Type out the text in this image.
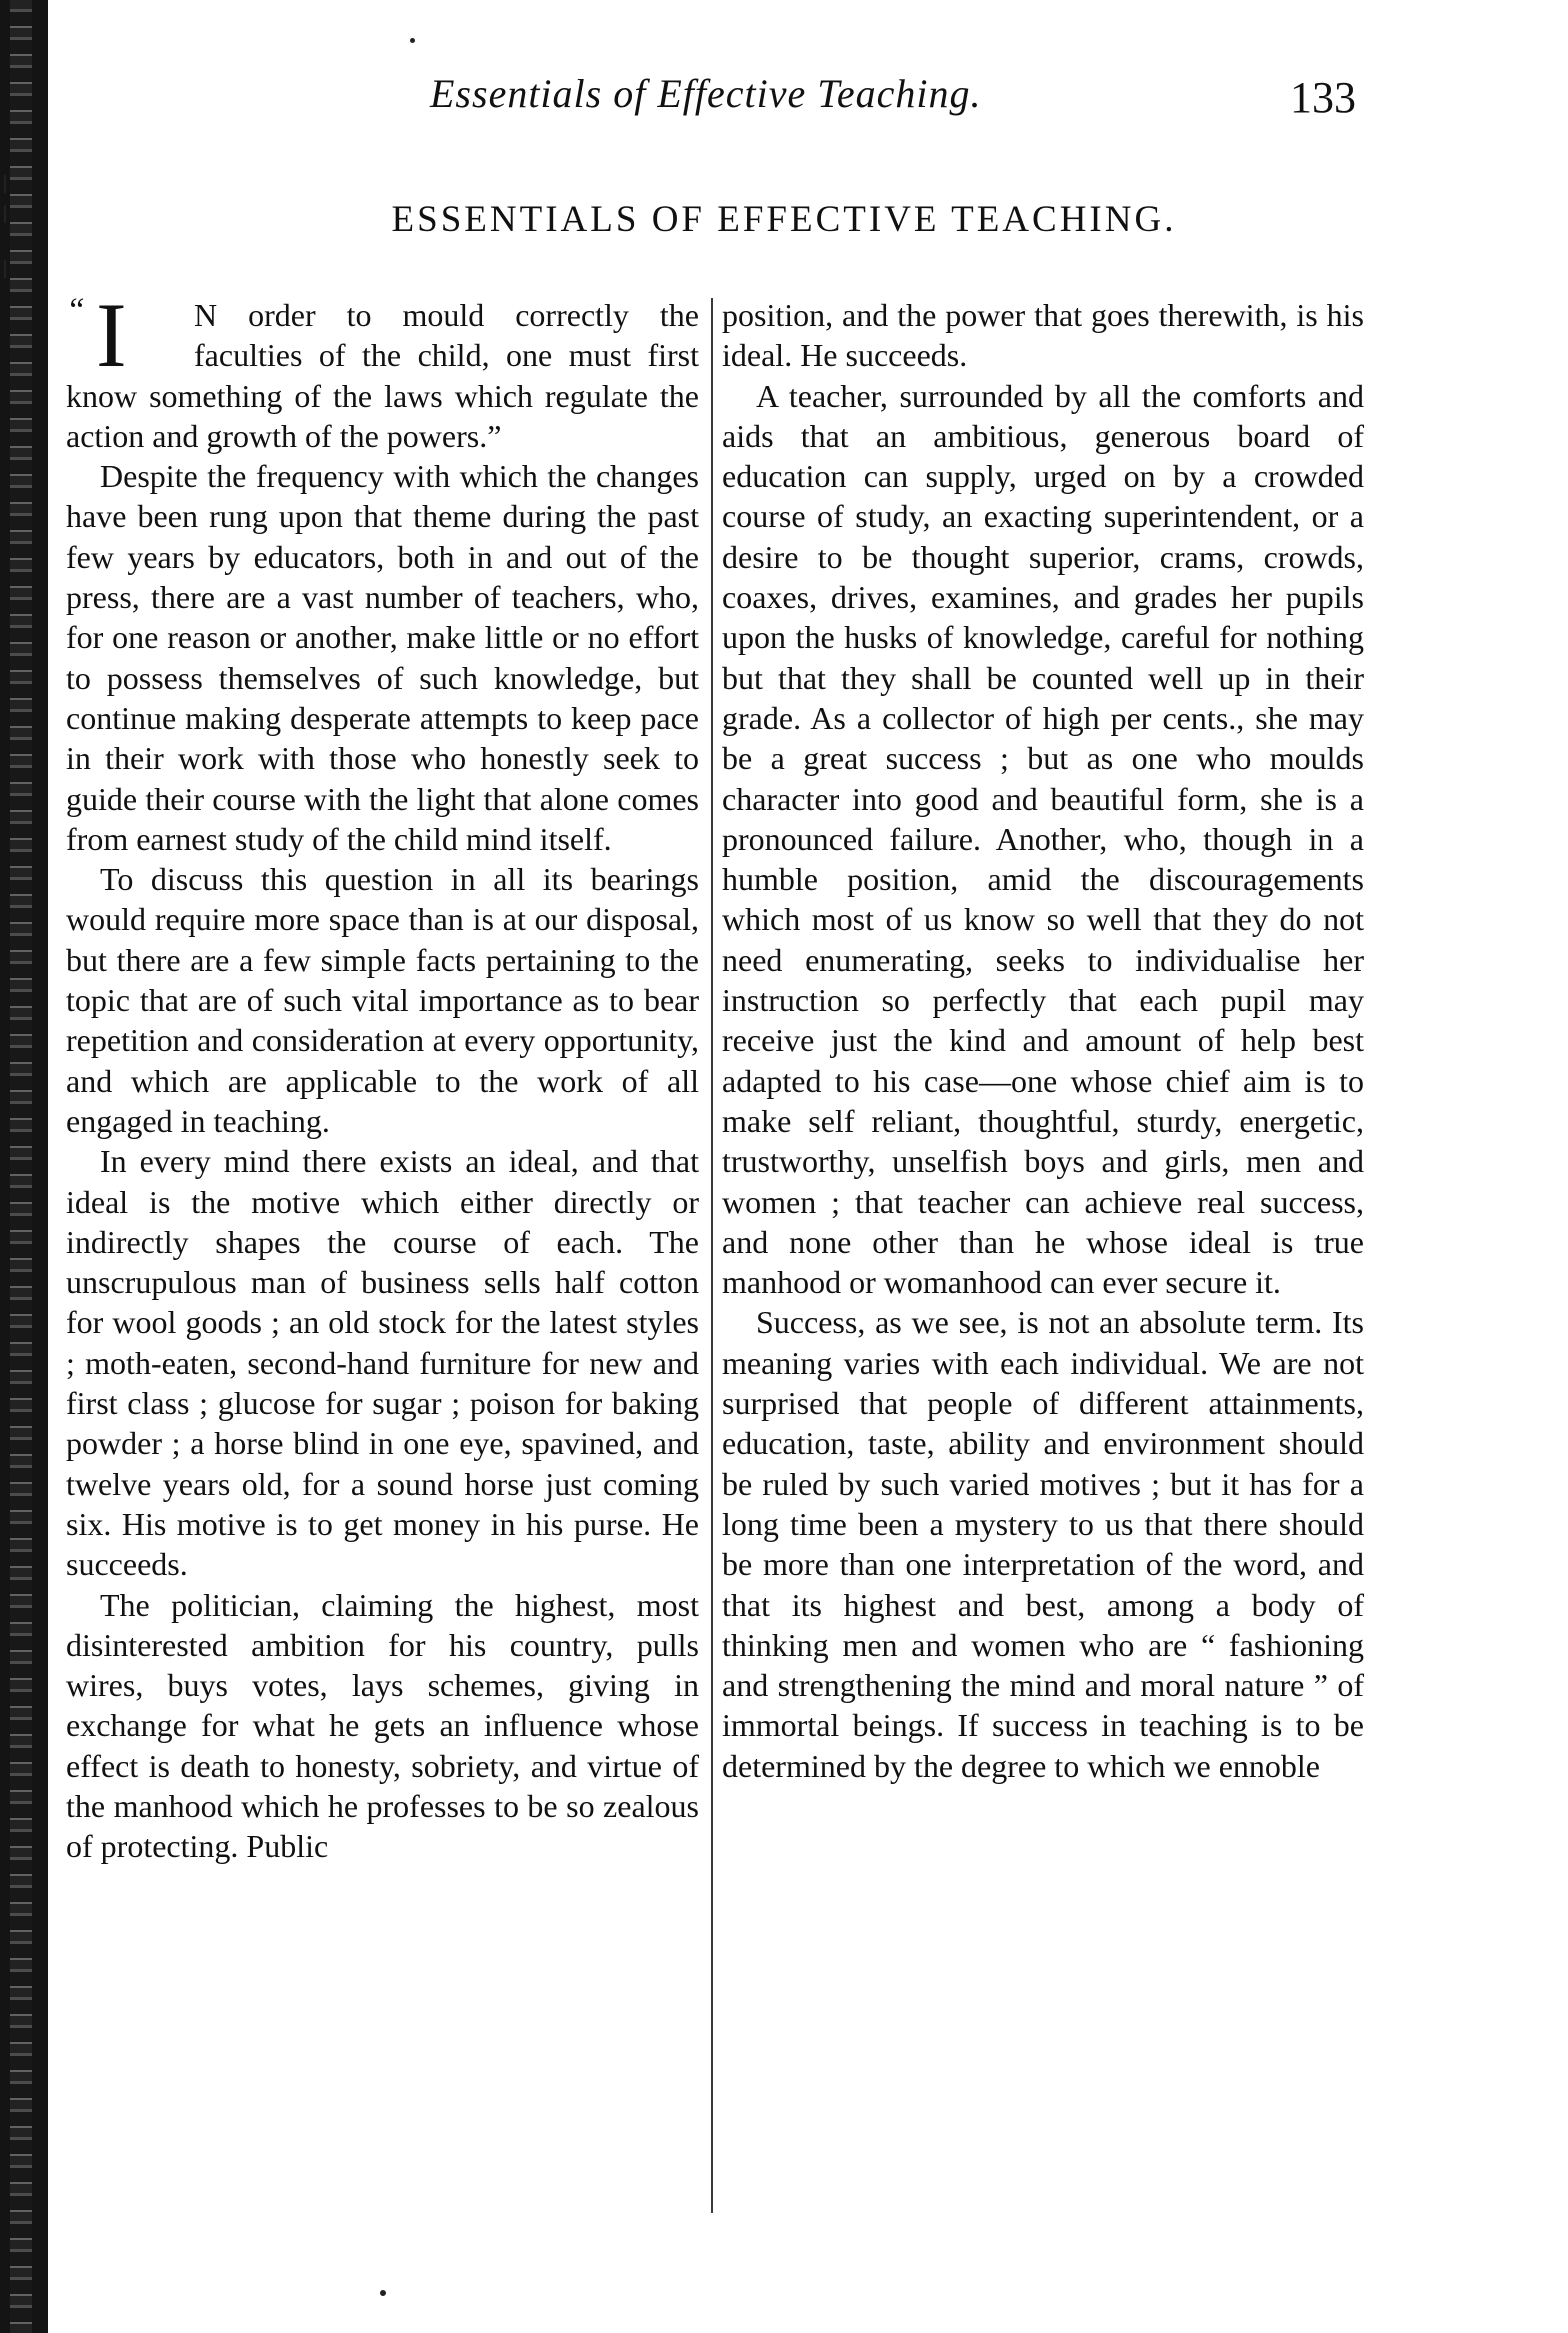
Essentials of Effective Teaching.	133
ESSENTIALS OF EFFECTIVE TEACHING.

“ I N order to mould correctly the faculties of the child, one must first know something of the laws which regulate the action and growth of the powers.”

Despite the frequency with which the changes have been rung upon that theme during the past few years by educators, both in and out of the press, there are a vast number of teachers, who, for one reason or another, make little or no effort to possess themselves of such knowledge, but continue making desperate attempts to keep pace in their work with those who honestly seek to guide their course with the light that alone comes from earnest study of the child mind itself.

To discuss this question in all its bearings would require more space than is at our disposal, but there are a few simple facts pertaining to the topic that are of such vital importance as to bear repetition and consideration at every opportunity, and which are applicable to the work of all engaged in teaching.

In every mind there exists an ideal, and that ideal is the motive which either directly or indirectly shapes the course of each. The unscrupulous man of business sells half cotton for wool goods ; an old stock for the latest styles ; moth-eaten, second-hand furniture for new and first class ; glucose for sugar ; poison for baking powder ; a horse blind in one eye, spavined, and twelve years old, for a sound horse just coming six. His motive is to get money in his purse. He succeeds.

The politician, claiming the highest, most disinterested ambition for his country, pulls wires, buys votes, lays schemes, giving in exchange for what he gets an influence whose effect is death to honesty, sobriety, and virtue of the manhood which he professes to be so zealous of protecting. Public

position, and the power that goes therewith, is his ideal. He succeeds.

A teacher, surrounded by all the comforts and aids that an ambitious, generous board of education can supply, urged on by a crowded course of study, an exacting superintendent, or a desire to be thought superior, crams, crowds, coaxes, drives, examines, and grades her pupils upon the husks of knowledge, careful for nothing but that they shall be counted well up in their grade. As a collector of high per cents., she may be a great success ; but as one who moulds character into good and beautiful form, she is a pronounced failure. Another, who, though in a humble position, amid the discouragements which most of us know so well that they do not need enumerating, seeks to individualise her instruction so perfectly that each pupil may receive just the kind and amount of help best adapted to his case—one whose chief aim is to make self reliant, thoughtful, sturdy, energetic, trustworthy, unselfish boys and girls, men and women ; that teacher can achieve real success, and none other than he whose ideal is true manhood or womanhood can ever secure it.

Success, as we see, is not an absolute term. Its meaning varies with each individual. We are not surprised that people of different attainments, education, taste, ability and environment should be ruled by such varied motives ; but it has for a long time been a mystery to us that there should be more than one interpretation of the word, and that its highest and best, among a body of thinking men and women who are “ fashioning and strengthening the mind and moral nature ” of immortal beings. If success in teaching is to be determined by the degree to which we ennoble
